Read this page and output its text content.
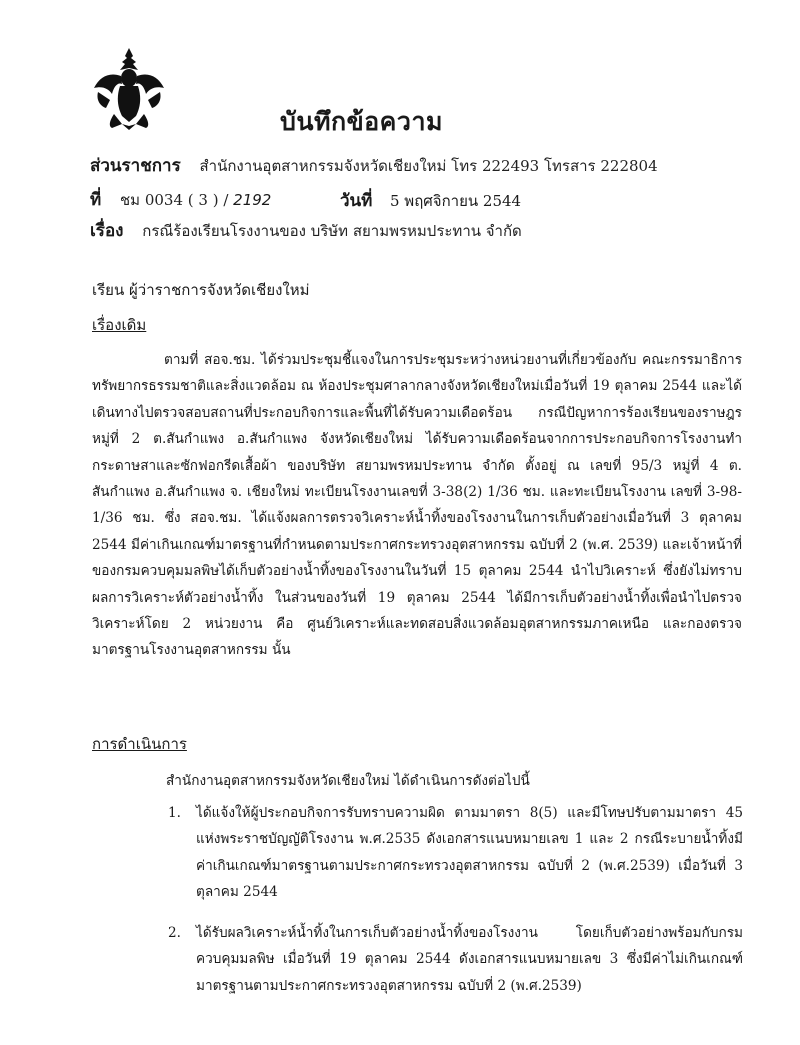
บันทึกข้อความ
ส่วนราชการ สำนักงานอุตสาหกรรมจังหวัดเชียงใหม่ โทร 222493 โทรสาร 222804
ที่ ชม 0034 ( 3 ) / 2192	วันที่ 5 พฤศจิกายน 2544
เรื่อง กรณีร้องเรียนโรงงานของ บริษัท สยามพรหมประทาน จำกัด
เรียน ผู้ว่าราชการจังหวัดเชียงใหม่
เรื่องเดิม
ตามที่ สอจ.ชม. ได้ร่วมประชุมชี้แจงในการประชุมระหว่างหน่วยงานที่เกี่ยวข้องกับ คณะกรรมาธิการ ทรัพยากรธรรมชาติและสิ่งแวดล้อม ณ ห้องประชุมศาลากลางจังหวัดเชียงใหม่เมื่อวันที่ 19 ตุลาคม 2544 และได้เดินทางไปตรวจสอบสถานที่ประกอบกิจการและพื้นที่ได้รับความเดือดร้อน กรณีปัญหาการร้องเรียนของราษฎร หมู่ที่ 2 ต.สันกำแพง อ.สันกำแพง จังหวัดเชียงใหม่ ได้รับความเดือดร้อนจากการประกอบกิจการโรงงานทำกระดาษสาและซักฟอกรีดเสื้อผ้า ของบริษัท สยามพรหมประทาน จำกัด ตั้งอยู่ ณ เลขที่ 95/3 หมู่ที่ 4 ต. สันกำแพง อ.สันกำแพง จ. เชียงใหม่ ทะเบียนโรงงานเลขที่ 3-38(2) 1/36 ชม. และทะเบียนโรงงาน เลขที่ 3-98-1/36 ชม. ซึ่ง สอจ.ชม. ได้แจ้งผลการตรวจวิเคราะห์น้ำทิ้งของโรงงานในการเก็บตัวอย่างเมื่อวันที่ 3 ตุลาคม 2544 มีค่าเกินเกณฑ์มาตรฐานที่กำหนดตามประกาศกระทรวงอุตสาหกรรม ฉบับที่ 2 (พ.ศ. 2539) และเจ้าหน้าที่ของกรมควบคุมมลพิษได้เก็บตัวอย่างน้ำทิ้งของโรงงานในวันที่ 15 ตุลาคม 2544 นำไปวิเคราะห์ ซึ่งยังไม่ทราบผลการวิเคราะห์ตัวอย่างน้ำทิ้ง ในส่วนของวันที่ 19 ตุลาคม 2544 ได้มีการเก็บตัวอย่างน้ำทิ้งเพื่อนำไปตรวจวิเคราะห์โดย 2 หน่วยงาน คือ ศูนย์วิเคราะห์และทดสอบสิ่งแวดล้อมอุตสาหกรรมภาคเหนือ และกองตรวจมาตรฐานโรงงานอุตสาหกรรม นั้น
การดำเนินการ
สำนักงานอุตสาหกรรมจังหวัดเชียงใหม่ ได้ดำเนินการดังต่อไปนี้
1. ได้แจ้งให้ผู้ประกอบกิจการรับทราบความผิด ตามมาตรา 8(5) และมีโทษปรับตามมาตรา 45 แห่งพระราชบัญญัติโรงงาน พ.ศ.2535 ดังเอกสารแนบหมายเลข 1 และ 2 กรณีระบายน้ำทิ้งมีค่าเกินเกณฑ์มาตรฐานตามประกาศกระทรวงอุตสาหกรรม ฉบับที่ 2 (พ.ศ.2539) เมื่อวันที่ 3 ตุลาคม 2544
2. ได้รับผลวิเคราะห์น้ำทิ้งในการเก็บตัวอย่างน้ำทิ้งของโรงงาน โดยเก็บตัวอย่างพร้อมกับกรมควบคุมมลพิษ เมื่อวันที่ 19 ตุลาคม 2544 ดังเอกสารแนบหมายเลข 3 ซึ่งมีค่าไม่เกินเกณฑ์มาตรฐานตามประกาศกระทรวงอุตสาหกรรม ฉบับที่ 2 (พ.ศ.2539)
